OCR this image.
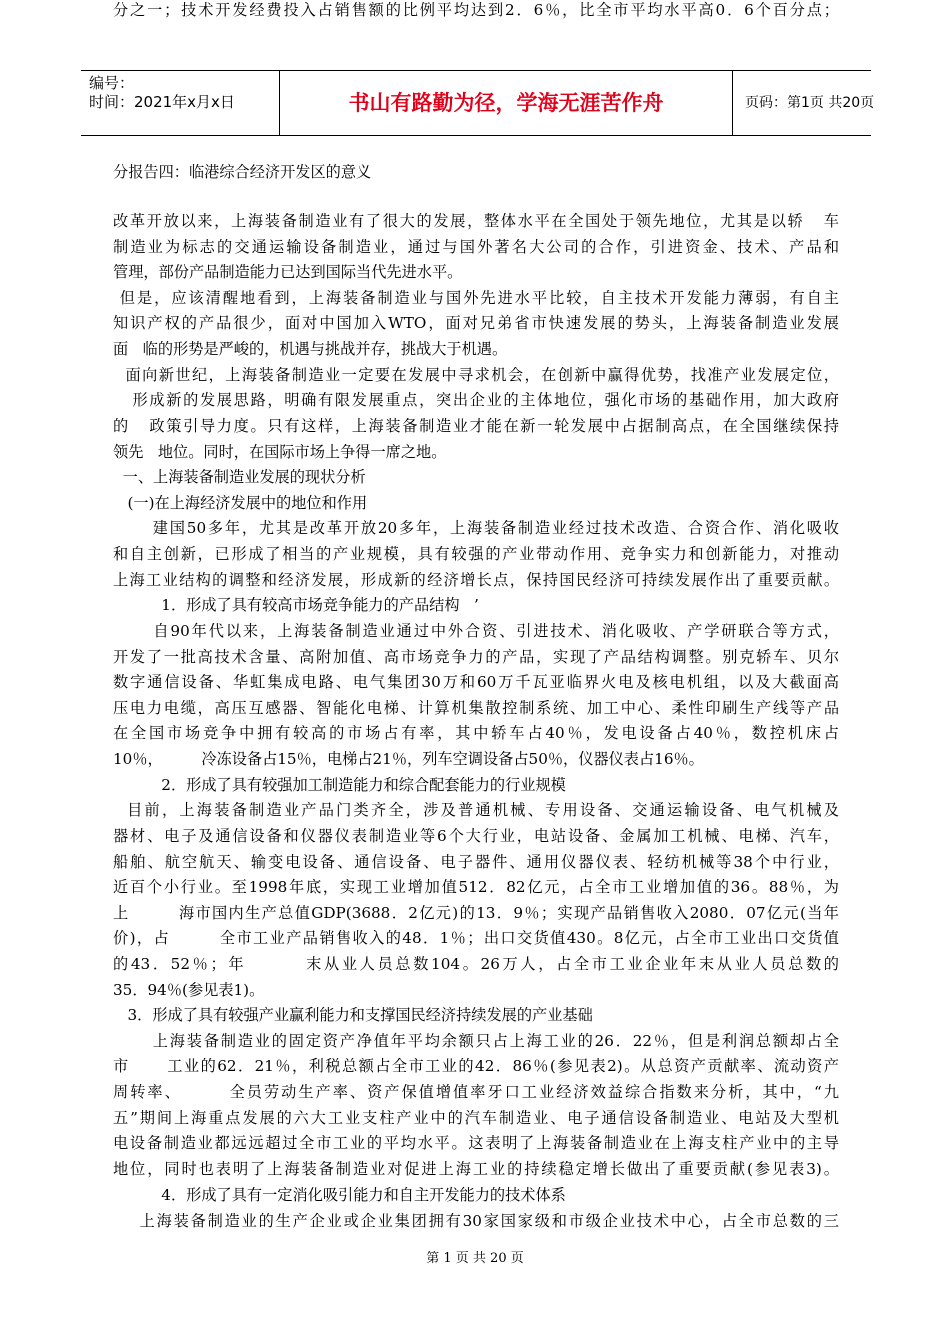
编号：
时间：2021年x月x日	书山有路勤为径，学海无涯苦作舟	页码：第1页 共20页
分报告四：临港综合经济开发区的意义
改革开放以来，上海装备制造业有了很大的发展，整体水平在全国处于领先地位，尤其是以轿   车
制造业为标志的交通运输设备制造业，通过与国外著名大公司的合作，引进资金、技术、产品和
管理，部份产品制造能力已达到国际当代先进水平。
但是，应该清醒地看到，上海装备制造业与国外先进水平比较，自主技术开发能力薄弱，有自主
知识产权的产品很少，面对中国加入WTO，面对兄弟省市快速发展的势头，上海装备制造业发展
面   临的形势是严峻的，机遇与挑战并存，挑战大于机遇。
面向新世纪，上海装备制造业一定要在发展中寻求机会，在创新中赢得优势，找准产业发展定位，
形成新的发展思路，明确有限发展重点，突出企业的主体地位，强化市场的基础作用，加大政府
的   政策引导力度。只有这样，上海装备制造业才能在新一轮发展中占据制高点，在全国继续保持
领先   地位。同时，在国际市场上争得一席之地。
一、上海装备制造业发展的现状分析
(一)在上海经济发展中的地位和作用
建国50多年，尤其是改革开放20多年，上海装备制造业经过技术改造、合资合作、消化吸收
和自主创新，已形成了相当的产业规模，具有较强的产业带动作用、竞争实力和创新能力，对推动
上海工业结构的调整和经济发展，形成新的经济增长点，保持国民经济可持续发展作出了重要贡献。
1．形成了具有较高市场竞争能力的产品结构   ’
自90年代以来，上海装备制造业通过中外合资、引进技术、消化吸收、产学研联合等方式，
开发了一批高技术含量、高附加值、高市场竞争力的产品，实现了产品结构调整。别克轿车、贝尔
数字通信设备、华虹集成电路、电气集团30万和60万千瓦亚临界火电及核电机组，以及大截面高
压电力电缆，高压互感器、智能化电梯、计算机集散控制系统、加工中心、柔性印刷生产线等产品
在全国市场竞争中拥有较高的市场占有率，其中轿车占40％，发电设备占40％，数控机床占
10％，        冷冻设备占15％，电梯占21％，列车空调设备占50％，仪器仪表占16％。
2．形成了具有较强加工制造能力和综合配套能力的行业规模
目前，上海装备制造业产品门类齐全，涉及普通机械、专用设备、交通运输设备、电气机械及
器材、电子及通信设备和仪器仪表制造业等6个大行业，电站设备、金属加工机械、电梯、汽车，
船舶、航空航天、输变电设备、通信设备、电子器件、通用仪器仪表、轻纺机械等38个中行业，
近百个小行业。至1998年底，实现工业增加值512．82亿元，占全市工业增加值的36。88％，为
上        海市国内生产总值GDP(3688．2亿元)的13．9％；实现产品销售收入2080．07亿元(当年
价)，占        全市工业产品销售收入的48．1％；出口交货值430。8亿元，占全市工业出口交货值
的43．52％；年        末从业人员总数104。26万人，占全市工业企业年末从业人员总数的
35．94％(参见表1)。
3．形成了具有较强产业赢利能力和支撑国民经济持续发展的产业基础
上海装备制造业的固定资产净值年平均余额只占上海工业的26．22％，但是利润总额却占全
市      工业的62．21％，利税总额占全市工业的42．86％(参见表2)。从总资产贡献率、流动资产
周转率、       全员劳动生产率、资产保值增值率牙口工业经济效益综合指数来分析，其中，“九
五”期间上海重点发展的六大工业支柱产业中的汽车制造业、电子通信设备制造业、电站及大型机
电设备制造业都远远超过全市工业的平均水平。这表明了上海装备制造业在上海支柱产业中的主导
地位，同时也表明了上海装备制造业对促进上海工业的持续稳定增长做出了重要贡献(参见表3)。
4．形成了具有一定消化吸引能力和自主开发能力的技术体系
上海装备制造业的生产企业或企业集团拥有30家国家级和市级企业技术中心，占全市总数的三
分之一；技术开发经费投入占销售额的比例平均达到2．6％，比全市平均水平高0．6个百分点；
第 1 页 共 20 页
